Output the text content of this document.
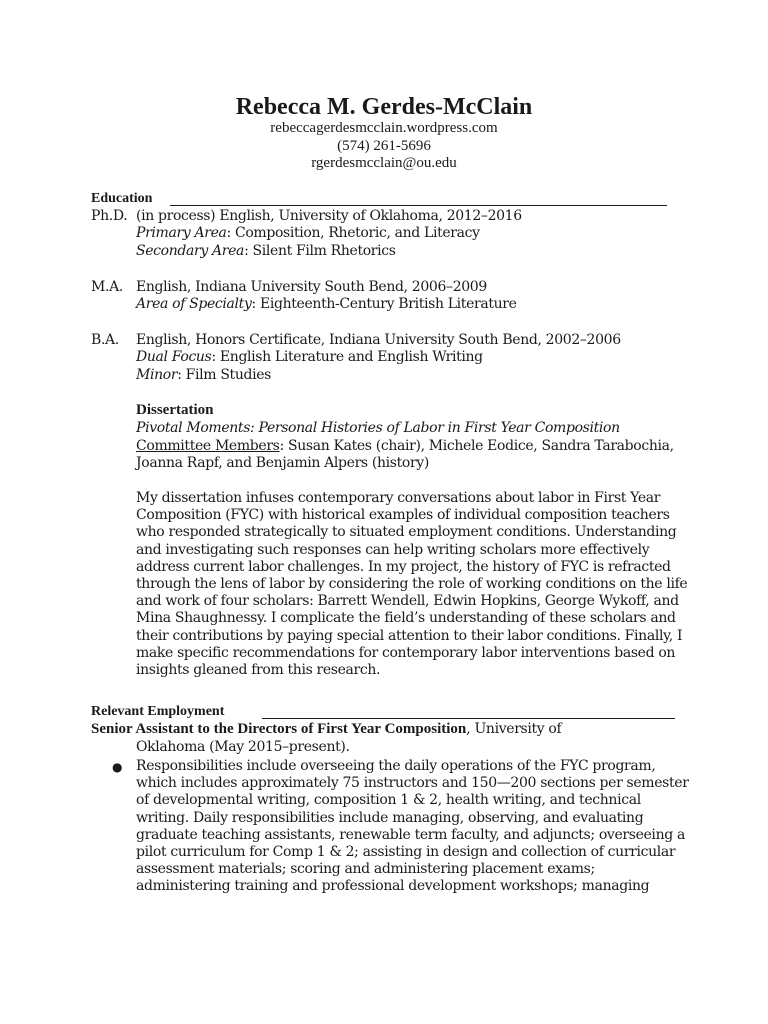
Rebecca M. Gerdes-McClain
rebeccagerdesmcclain.wordpress.com
(574) 261-5696
rgerdesmcclain@ou.edu
Education
Ph.D. (in process) English, University of Oklahoma, 2012–2016
Primary Area: Composition, Rhetoric, and Literacy
Secondary Area: Silent Film Rhetorics
M.A. English, Indiana University South Bend, 2006–2009
Area of Specialty: Eighteenth-Century British Literature
B.A. English, Honors Certificate, Indiana University South Bend, 2002–2006
Dual Focus: English Literature and English Writing
Minor: Film Studies
Dissertation
Pivotal Moments: Personal Histories of Labor in First Year Composition
Committee Members: Susan Kates (chair), Michele Eodice, Sandra Tarabochia,
Joanna Rapf, and Benjamin Alpers (history)
My dissertation infuses contemporary conversations about labor in First Year
Composition (FYC) with historical examples of individual composition teachers
who responded strategically to situated employment conditions. Understanding
and investigating such responses can help writing scholars more effectively
address current labor challenges. In my project, the history of FYC is refracted
through the lens of labor by considering the role of working conditions on the life
and work of four scholars: Barrett Wendell, Edwin Hopkins, George Wykoff, and
Mina Shaughnessy. I complicate the field’s understanding of these scholars and
their contributions by paying special attention to their labor conditions. Finally, I
make specific recommendations for contemporary labor interventions based on
insights gleaned from this research.
Relevant Employment
Senior Assistant to the Directors of First Year Composition, University of
Oklahoma (May 2015–present).
● Responsibilities include overseeing the daily operations of the FYC program,
which includes approximately 75 instructors and 150—200 sections per semester
of developmental writing, composition 1 & 2, health writing, and technical
writing. Daily responsibilities include managing, observing, and evaluating
graduate teaching assistants, renewable term faculty, and adjuncts; overseeing a
pilot curriculum for Comp 1 & 2; assisting in design and collection of curricular
assessment materials; scoring and administering placement exams;
administering training and professional development workshops; managing
